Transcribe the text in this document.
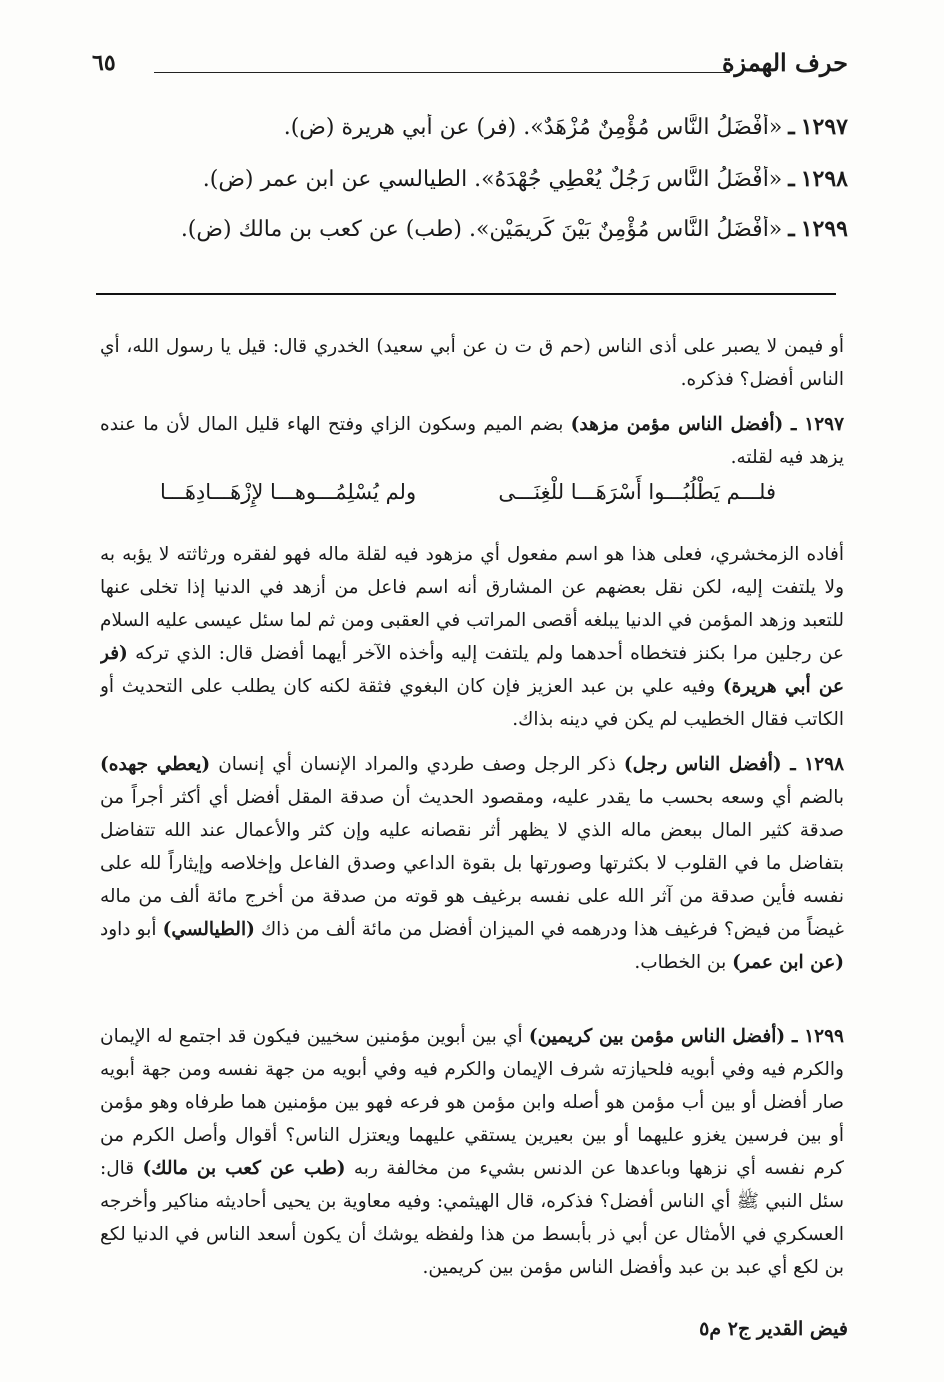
حرف الهمزة
٦٥
١٢٩٧ـ«أَفْضَلُ النَّاسِ مُؤْمِنٌ مُزْهَدٌ». (فر) عن أبي هريرة (ض).
١٢٩٨ـ«أَفْضَلُ النَّاسِ رَجُلٌ يُعْطِي جُهْدَهُ». الطيالسي عن ابن عمر (ض).
١٢٩٩ـ«أَفْضَلُ النَّاسِ مُؤْمِنٌ بَيْنَ كَرِيمَيْنِ». (طب) عن كعب بن مالك (ض).
أو فيمن لا يصبر على أذى الناس (حم ق ت ن عن أبي سعيد) الخدري قال: قيل يا رسول الله، أي الناس أفضل؟ فذكره.
١٢٩٧ ـ (أفضل الناس مؤمن مزهد) بضم الميم وسكون الزاي وفتح الهاء قليل المال لأن ما عنده يزهد فيه لقلته.
فلـــم يَطْلُبُـــوا أَسْرَهَـــا للْغِنَـــى
ولم يُسْلِمُـــوهـــا لإِزْهَـــادِهَـــا
أفاده الزمخشري، فعلى هذا هو اسم مفعول أي مزهود فيه لقلة ماله فهو لفقره ورثاثته لا يؤبه به ولا يلتفت إليه، لكن نقل بعضهم عن المشارق أنه اسم فاعل من أزهد في الدنيا إذا تخلى عنها للتعبد وزهد المؤمن في الدنيا يبلغه أقصى المراتب في العقبى ومن ثم لما سئل عيسى عليه السلام عن رجلين مرا بكنز فتخطاه أحدهما ولم يلتفت إليه وأخذه الآخر أيهما أفضل قال: الذي تركه (فر عن أبي هريرة) وفيه علي بن عبد العزيز فإن كان البغوي فثقة لكنه كان يطلب على التحديث أو الكاتب فقال الخطيب لم يكن في دينه بذاك.
١٢٩٨ ـ (أفضل الناس رجل) ذكر الرجل وصف طردي والمراد الإنسان أي إنسان (يعطي جهده) بالضم أي وسعه بحسب ما يقدر عليه، ومقصود الحديث أن صدقة المقل أفضل أي أكثر أجراً من صدقة كثير المال ببعض ماله الذي لا يظهر أثر نقصانه عليه وإن كثر والأعمال عند الله تتفاضل بتفاضل ما في القلوب لا بكثرتها وصورتها بل بقوة الداعي وصدق الفاعل وإخلاصه وإيثاراً لله على نفسه فأين صدقة من آثر الله على نفسه برغيف هو قوته من صدقة من أخرج مائة ألف من ماله غيضاً من فيض؟ فرغيف هذا ودرهمه في الميزان أفضل من مائة ألف من ذاك (الطيالسي) أبو داود (عن ابن عمر) بن الخطاب.
١٢٩٩ ـ (أفضل الناس مؤمن بين كريمين) أي بين أبوين مؤمنين سخيين فيكون قد اجتمع له الإيمان والكرم فيه وفي أبويه فلحيازته شرف الإيمان والكرم فيه وفي أبويه من جهة نفسه ومن جهة أبويه صار أفضل أو بين أب مؤمن هو أصله وابن مؤمن هو فرعه فهو بين مؤمنين هما طرفاه وهو مؤمن أو بين فرسين يغزو عليهما أو بين بعيرين يستقي عليهما ويعتزل الناس؟ أقوال وأصل الكرم من كرم نفسه أي نزهها وباعدها عن الدنس بشيء من مخالفة ربه (طب عن كعب بن مالك) قال: سئل النبي ﷺ أي الناس أفضل؟ فذكره، قال الهيثمي: وفيه معاوية بن يحيى أحاديثه مناكير وأخرجه العسكري في الأمثال عن أبي ذر بأبسط من هذا ولفظه يوشك أن يكون أسعد الناس في الدنيا لكع بن لكع أي عبد بن عبد وأفضل الناس مؤمن بين كريمين.
فيض القدير ج٢ م٥
